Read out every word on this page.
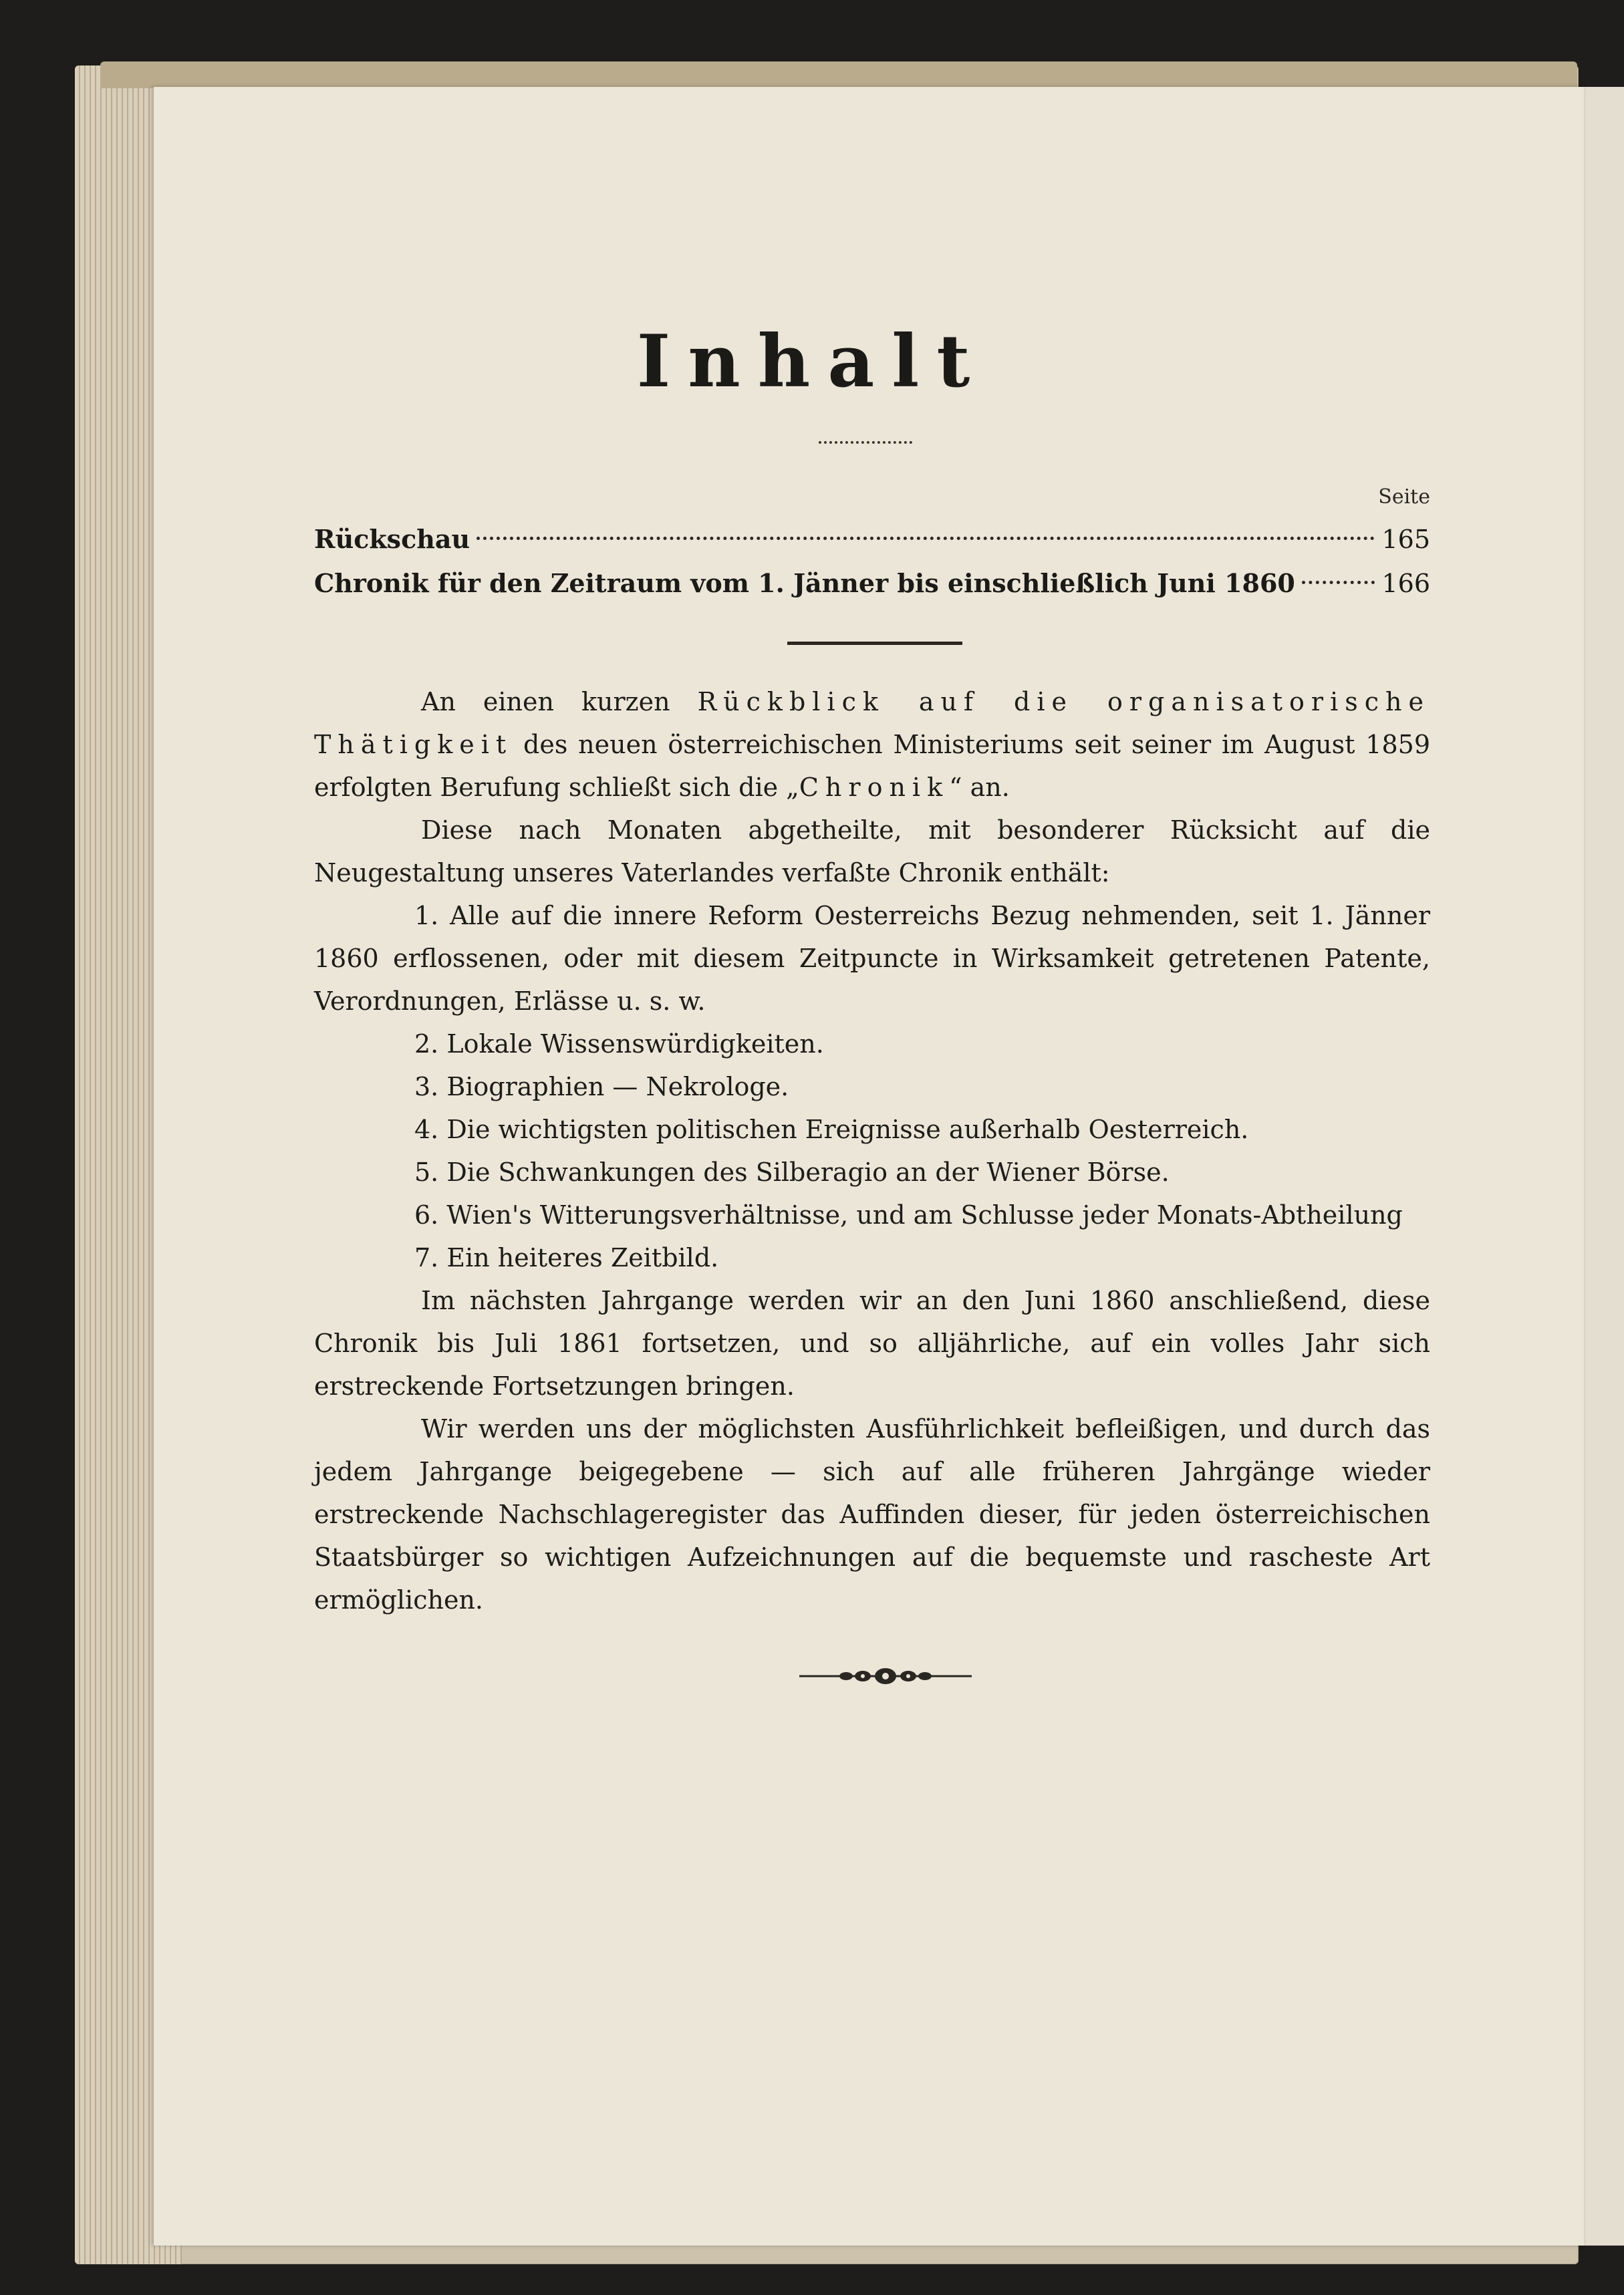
Inhalt
Seite
Rückschau	165
Chronik für den Zeitraum vom 1. Jänner bis einschließlich Juni 1860	166

An einen kurzen Rückblick auf die organisatorische Thätigkeit des neuen österreichischen Ministeriums seit seiner im August 1859 erfolgten Berufung schließt sich die „Chronik“ an.

Diese nach Monaten abgetheilte, mit besonderer Rücksicht auf die Neugestaltung unseres Vaterlandes verfaßte Chronik enthält:

1. Alle auf die innere Reform Oesterreichs Bezug nehmenden, seit 1. Jänner 1860 erflossenen, oder mit diesem Zeitpuncte in Wirksamkeit getretenen Patente, Verordnungen, Erlässe u. s. w.

2. Lokale Wissenswürdigkeiten.

3. Biographien — Nekrologe.

4. Die wichtigsten politischen Ereignisse außerhalb Oesterreich.

5. Die Schwankungen des Silberagio an der Wiener Börse.

6. Wien's Witterungsverhältnisse, und am Schlusse jeder Monats-Abtheilung

7. Ein heiteres Zeitbild.

Im nächsten Jahrgange werden wir an den Juni 1860 anschließend, diese Chronik bis Juli 1861 fortsetzen, und so alljährliche, auf ein volles Jahr sich erstreckende Fortsetzungen bringen.

Wir werden uns der möglichsten Ausführlichkeit befleißigen, und durch das jedem Jahrgange beigegebene — sich auf alle früheren Jahrgänge wieder erstreckende Nachschlageregister das Auffinden dieser, für jeden österreichischen Staatsbürger so wichtigen Aufzeichnungen auf die bequemste und rascheste Art ermöglichen.
